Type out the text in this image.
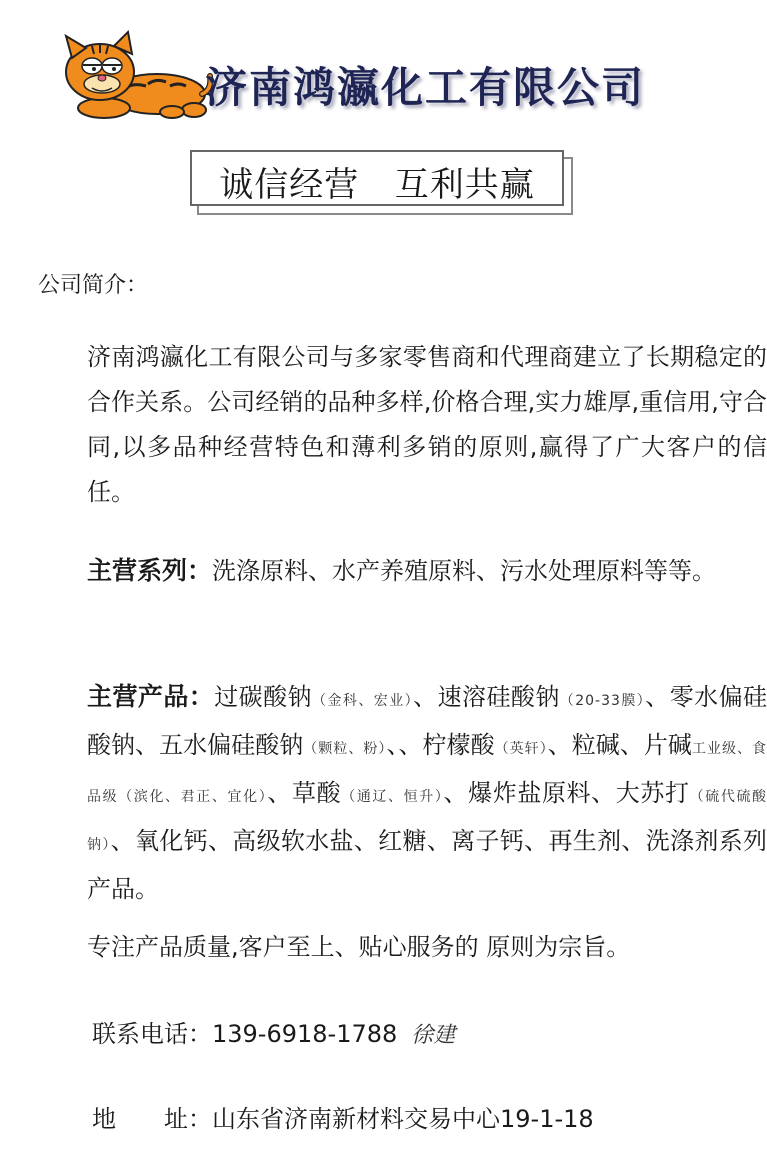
济南鸿瀛化工有限公司
诚信经营   互利共赢
公司简介：
济南鸿瀛化工有限公司与多家零售商和代理商建立了长期稳定的合作关系。公司经销的品种多样,价格合理,实力雄厚,重信用,守合同,以多品种经营特色和薄利多销的原则,赢得了广大客户的信任。
主营系列：洗涤原料、水产养殖原料、污水处理原料等等。
主营产品：过碳酸钠（金科、宏业）、速溶硅酸钠（20-33膜）、零水偏硅酸钠、五水偏硅酸钠（颗粒、粉）、、柠檬酸（英轩）、粒碱、片碱工业级、食品级（滨化、君正、宜化）、草酸（通辽、恒升）、爆炸盐原料、大苏打（硫代硫酸钠）、氧化钙、高级软水盐、红糖、离子钙、再生剂、洗涤剂系列产品。
专注产品质量,客户至上、贴心服务的 原则为宗旨。
联系电话：139-6918-1788 徐建
地　　址：山东省济南新材料交易中心19-1-18
